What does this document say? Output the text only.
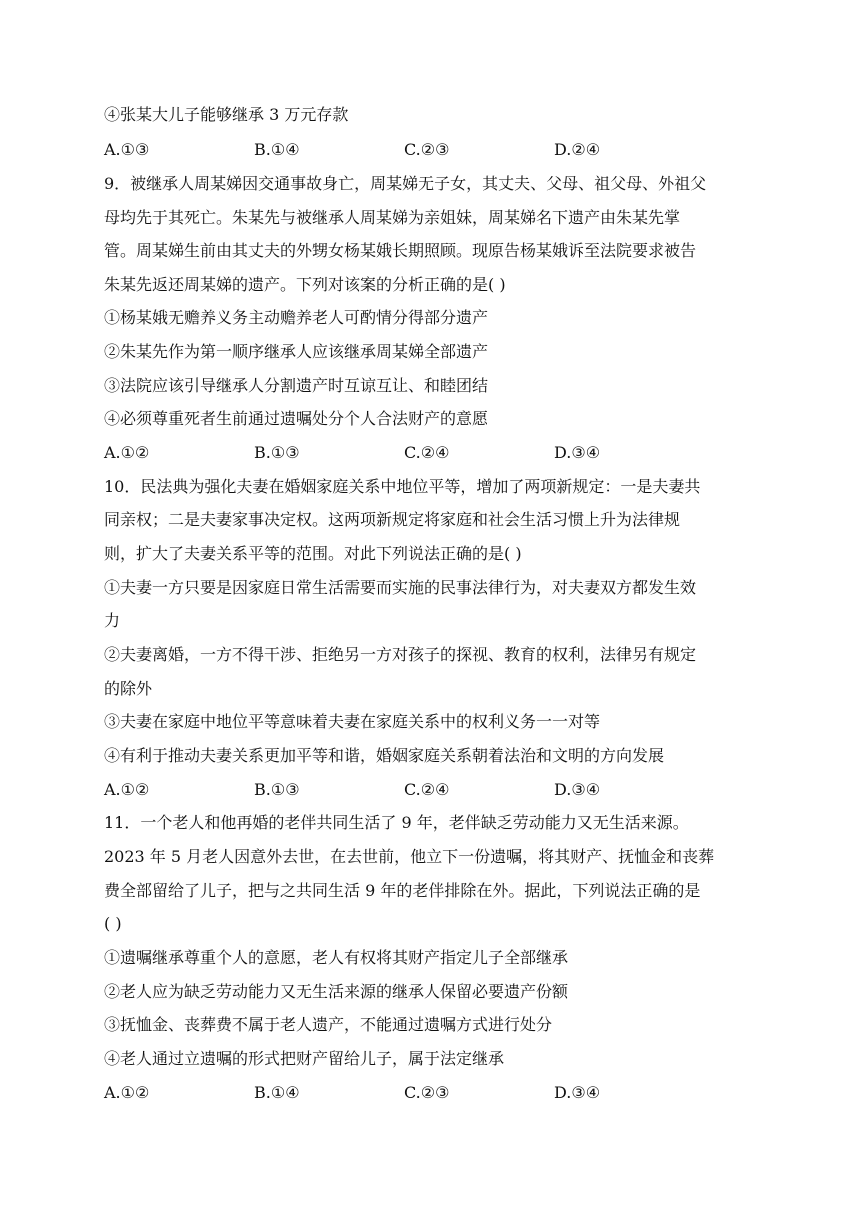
④张某大儿子能够继承 3 万元存款
A.①③	B.①④	C.②③	D.②④
9．被继承人周某娣因交通事故身亡，周某娣无子女，其丈夫、父母、祖父母、外祖父
母均先于其死亡。朱某先与被继承人周某娣为亲姐妹，周某娣名下遗产由朱某先掌
管。周某娣生前由其丈夫的外甥女杨某娥长期照顾。现原告杨某娥诉至法院要求被告
朱某先返还周某娣的遗产。下列对该案的分析正确的是( )
①杨某娥无赡养义务主动赡养老人可酌情分得部分遗产
②朱某先作为第一顺序继承人应该继承周某娣全部遗产
③法院应该引导继承人分割遗产时互谅互让、和睦团结
④必须尊重死者生前通过遗嘱处分个人合法财产的意愿
A.①②	B.①③	C.②④	D.③④
10．民法典为强化夫妻在婚姻家庭关系中地位平等，增加了两项新规定：一是夫妻共
同亲权；二是夫妻家事决定权。这两项新规定将家庭和社会生活习惯上升为法律规
则，扩大了夫妻关系平等的范围。对此下列说法正确的是( )
①夫妻一方只要是因家庭日常生活需要而实施的民事法律行为，对夫妻双方都发生效
力
②夫妻离婚，一方不得干涉、拒绝另一方对孩子的探视、教育的权利，法律另有规定
的除外
③夫妻在家庭中地位平等意味着夫妻在家庭关系中的权利义务一一对等
④有利于推动夫妻关系更加平等和谐，婚姻家庭关系朝着法治和文明的方向发展
A.①②	B.①③	C.②④	D.③④
11．一个老人和他再婚的老伴共同生活了 9 年，老伴缺乏劳动能力又无生活来源。
2023 年 5 月老人因意外去世，在去世前，他立下一份遗嘱，将其财产、抚恤金和丧葬
费全部留给了儿子，把与之共同生活 9 年的老伴排除在外。据此，下列说法正确的是
( )
①遗嘱继承尊重个人的意愿，老人有权将其财产指定儿子全部继承
②老人应为缺乏劳动能力又无生活来源的继承人保留必要遗产份额
③抚恤金、丧葬费不属于老人遗产，不能通过遗嘱方式进行处分
④老人通过立遗嘱的形式把财产留给儿子，属于法定继承
A.①②	B.①④	C.②③	D.③④
